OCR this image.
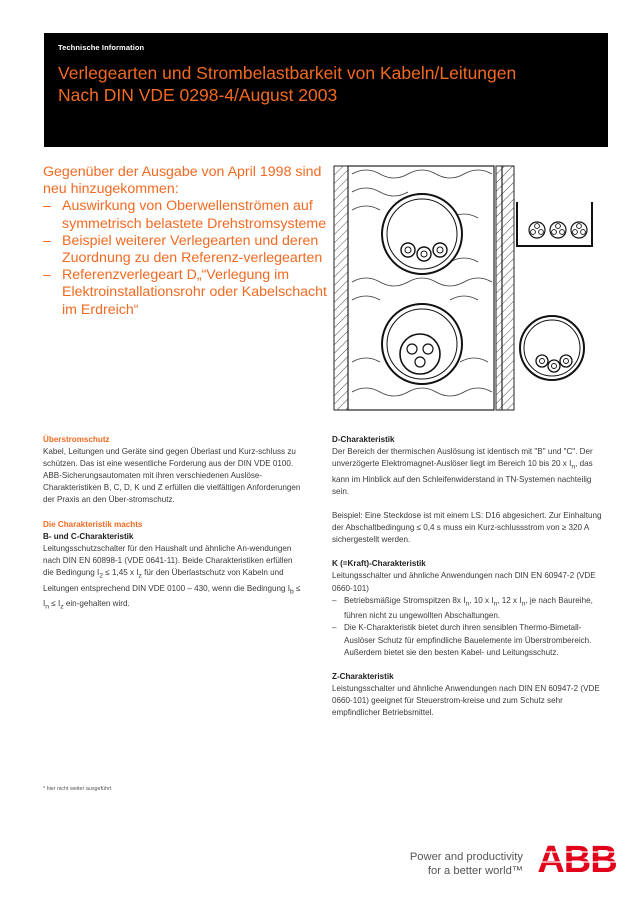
Technische Information
Verlegearten und Strombelastbarkeit von Kabeln/Leitungen
Nach DIN VDE 0298-4/August 2003

Gegenüber der Ausgabe von April 1998 sind neu hinzugekommen:

– Auswirkung von Oberwellenströmen auf symmetrisch belastete Drehstromsysteme
– Beispiel weiterer Verlegearten und deren Zuordnung zu den Referenz-verlegearten
– Referenzverlegeart D„“Verlegung im Elektroinstallationsrohr oder Kabelschacht im Erdreich“
Überstromschutz

Kabel, Leitungen und Geräte sind gegen Überlast und Kurz-schluss zu schützen. Das ist eine wesentliche Forderung aus der DIN VDE 0100. ABB-Sicherungsautomaten mit ihren verschiedenen Auslöse-Charakteristiken B, C, D, K und Z erfüllen die vielfältigen Anforderungen der Praxis an den Über-stromschutz.

Die Charakteristik machts
B- und C-Charakteristik

Leitungsschutzschalter für den Haushalt und ähnliche An-wendungen nach DIN EN 60898-1 (VDE 0641-11). Beide Charakteristiken erfüllen die Bedingung $I_2 \le 1,45$ x $I_z$ für den Überlastschutz von Kabeln und Leitungen entsprechend DIN VDE 0100 – 430, wenn die Bedingung $I_b \le I_n \le I_z$ ein-gehalten wird.

D-Charakteristik

Der Bereich der thermischen Auslösung ist identisch mit "B" und "C". Der unverzögerte Elektromagnet-Auslöser liegt im Bereich 10 bis 20 x $I_n$, das kann im Hinblick auf den Schleifenwiderstand in TN-Systemen nachteilig sein.

Beispiel: Eine Steckdose ist mit einem LS: D16 abgesichert. Zur Einhaltung der Abschaltbedingung ≤ 0,4 s muss ein Kurz-schlussstrom von ≥ 320 A sichergestellt werden.

K (=Kraft)-Charakteristik

Leitungsschalter und ähnliche Anwendungen nach DIN EN 60947-2 (VDE 0660-101)

– Betriebsmäßige Stromspitzen 8x $I_n$, 10 x $I_n$, 12 x $I_n$, je nach Baureihe, führen nicht zu ungewollten Abschaltungen.
– Die K-Charakteristik bietet durch ihren sensiblen Thermo-Bimetall-Auslöser Schutz für empfindliche Bauelemente im Überstrombereich. Außerdem bietet sie den besten Kabel- und Leitungsschutz.
Z-Charakteristik

Leistungsschalter und ähnliche Anwendungen nach DIN EN 60947-2 (VDE 0660-101) geeignet für Steuerstrom-kreise und zum Schutz sehr empfindlicher Betriebsmittel.

* hier nicht weiter ausgeführt
Power and productivity
for a better world™ ABB
